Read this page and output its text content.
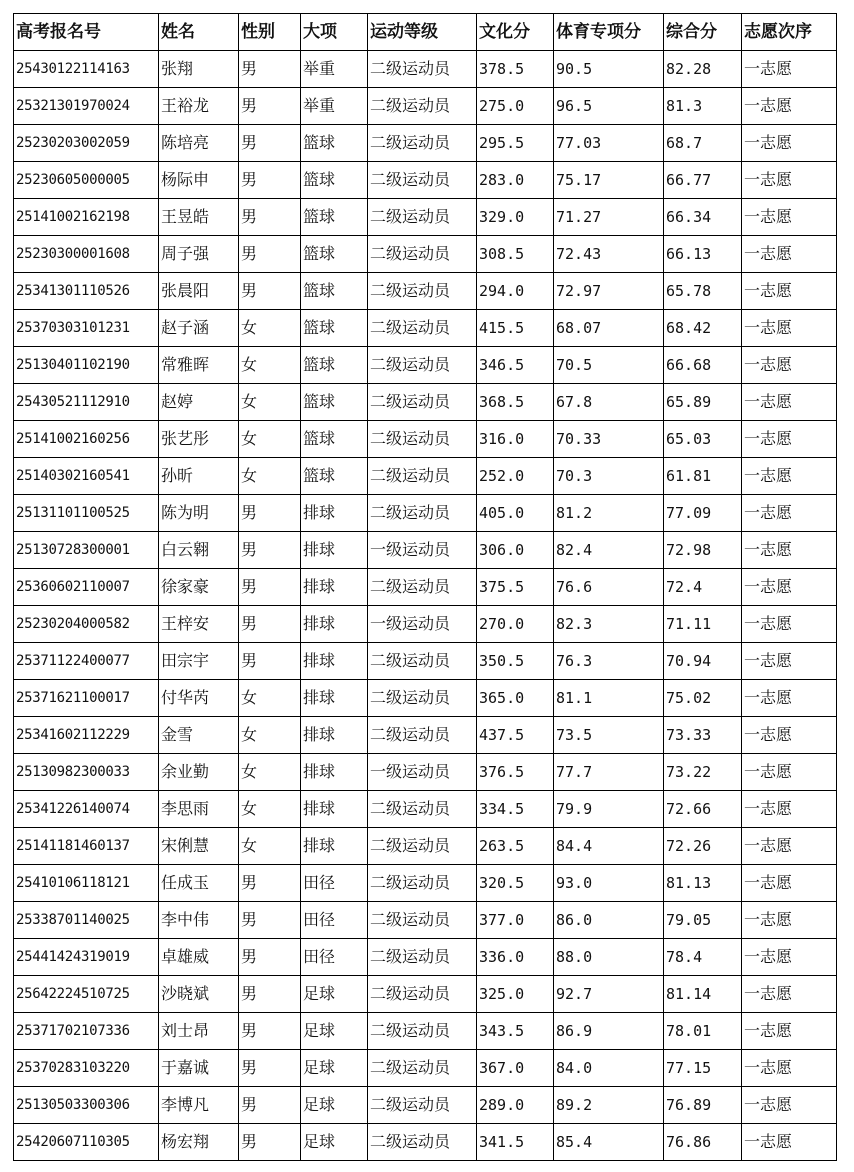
高考报名号	姓名	性别	大项	运动等级	文化分	体育专项分	综合分	志愿次序
25430122114163	张翔	男	举重	二级运动员	378.5	90.5	82.28	一志愿
25321301970024	王裕龙	男	举重	二级运动员	275.0	96.5	81.3	一志愿
25230203002059	陈培亮	男	篮球	二级运动员	295.5	77.03	68.7	一志愿
25230605000005	杨际申	男	篮球	二级运动员	283.0	75.17	66.77	一志愿
25141002162198	王昱皓	男	篮球	二级运动员	329.0	71.27	66.34	一志愿
25230300001608	周子强	男	篮球	二级运动员	308.5	72.43	66.13	一志愿
25341301110526	张晨阳	男	篮球	二级运动员	294.0	72.97	65.78	一志愿
25370303101231	赵子涵	女	篮球	二级运动员	415.5	68.07	68.42	一志愿
25130401102190	常雅晖	女	篮球	二级运动员	346.5	70.5	66.68	一志愿
25430521112910	赵婷	女	篮球	二级运动员	368.5	67.8	65.89	一志愿
25141002160256	张艺彤	女	篮球	二级运动员	316.0	70.33	65.03	一志愿
25140302160541	孙昕	女	篮球	二级运动员	252.0	70.3	61.81	一志愿
25131101100525	陈为明	男	排球	二级运动员	405.0	81.2	77.09	一志愿
25130728300001	白云翱	男	排球	一级运动员	306.0	82.4	72.98	一志愿
25360602110007	徐家豪	男	排球	二级运动员	375.5	76.6	72.4	一志愿
25230204000582	王梓安	男	排球	一级运动员	270.0	82.3	71.11	一志愿
25371122400077	田宗宇	男	排球	二级运动员	350.5	76.3	70.94	一志愿
25371621100017	付华芮	女	排球	二级运动员	365.0	81.1	75.02	一志愿
25341602112229	金雪	女	排球	二级运动员	437.5	73.5	73.33	一志愿
25130982300033	余业勤	女	排球	一级运动员	376.5	77.7	73.22	一志愿
25341226140074	李思雨	女	排球	二级运动员	334.5	79.9	72.66	一志愿
25141181460137	宋俐慧	女	排球	二级运动员	263.5	84.4	72.26	一志愿
25410106118121	任成玉	男	田径	二级运动员	320.5	93.0	81.13	一志愿
25338701140025	李中伟	男	田径	二级运动员	377.0	86.0	79.05	一志愿
25441424319019	卓雄威	男	田径	二级运动员	336.0	88.0	78.4	一志愿
25642224510725	沙晓斌	男	足球	二级运动员	325.0	92.7	81.14	一志愿
25371702107336	刘士昂	男	足球	二级运动员	343.5	86.9	78.01	一志愿
25370283103220	于嘉诚	男	足球	二级运动员	367.0	84.0	77.15	一志愿
25130503300306	李博凡	男	足球	二级运动员	289.0	89.2	76.89	一志愿
25420607110305	杨宏翔	男	足球	二级运动员	341.5	85.4	76.86	一志愿
